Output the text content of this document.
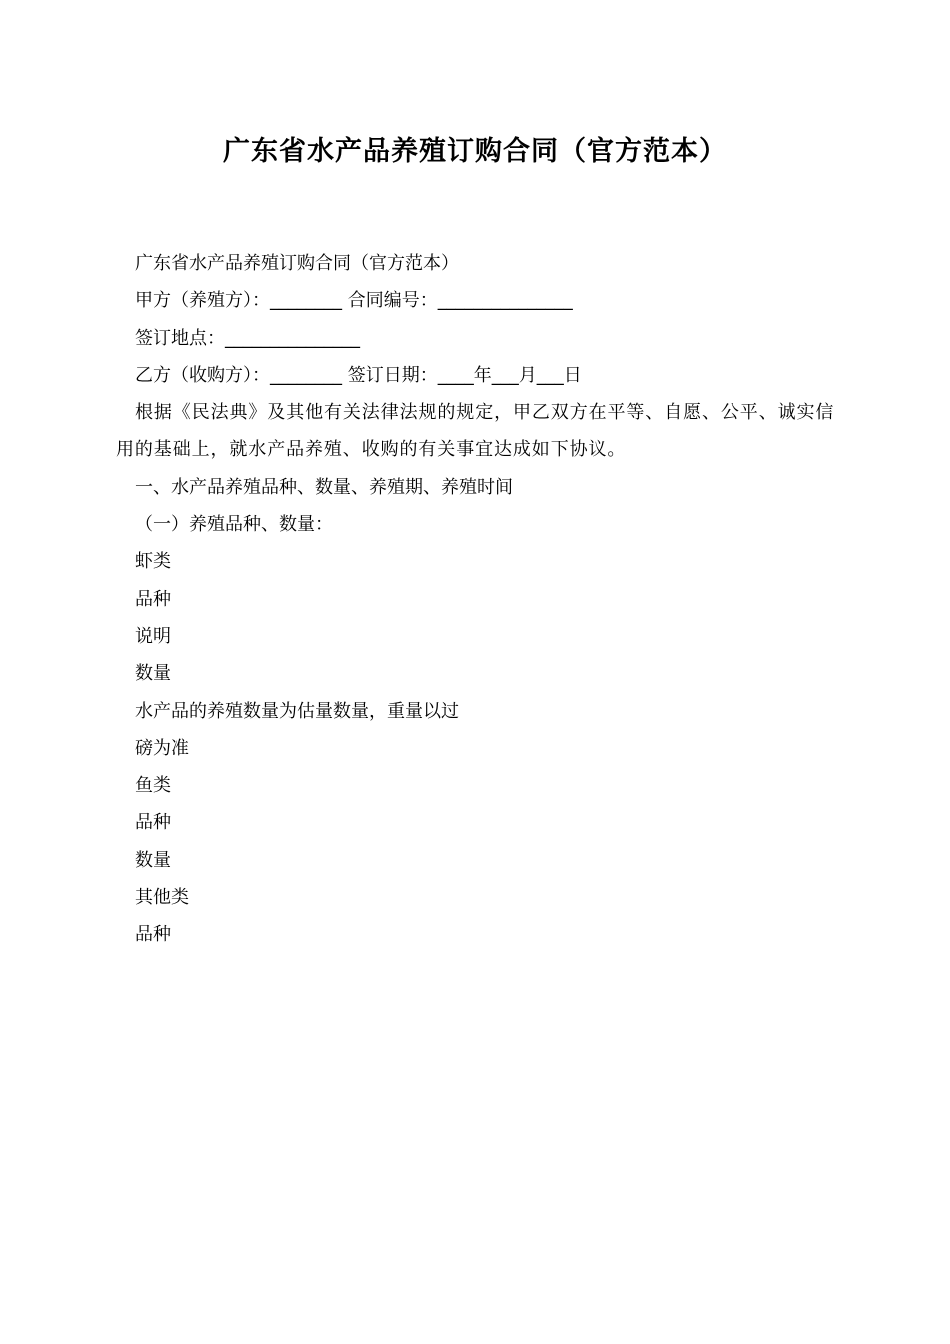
广东省水产品养殖订购合同（官方范本）

广东省水产品养殖订购合同（官方范本）

甲方（养殖方）：________ 合同编号：_______________

签订地点：_______________

乙方（收购方）：________ 签订日期：____年___月___日

根据《民法典》及其他有关法律法规的规定，甲乙双方在平等、自愿、公平、诚实信用的基础上，就水产品养殖、收购的有关事宜达成如下协议。

一、水产品养殖品种、数量、养殖期、养殖时间

（一）养殖品种、数量：

虾类

品种

说明

数量

水产品的养殖数量为估量数量，重量以过

磅为准

鱼类

品种

数量

其他类

品种
